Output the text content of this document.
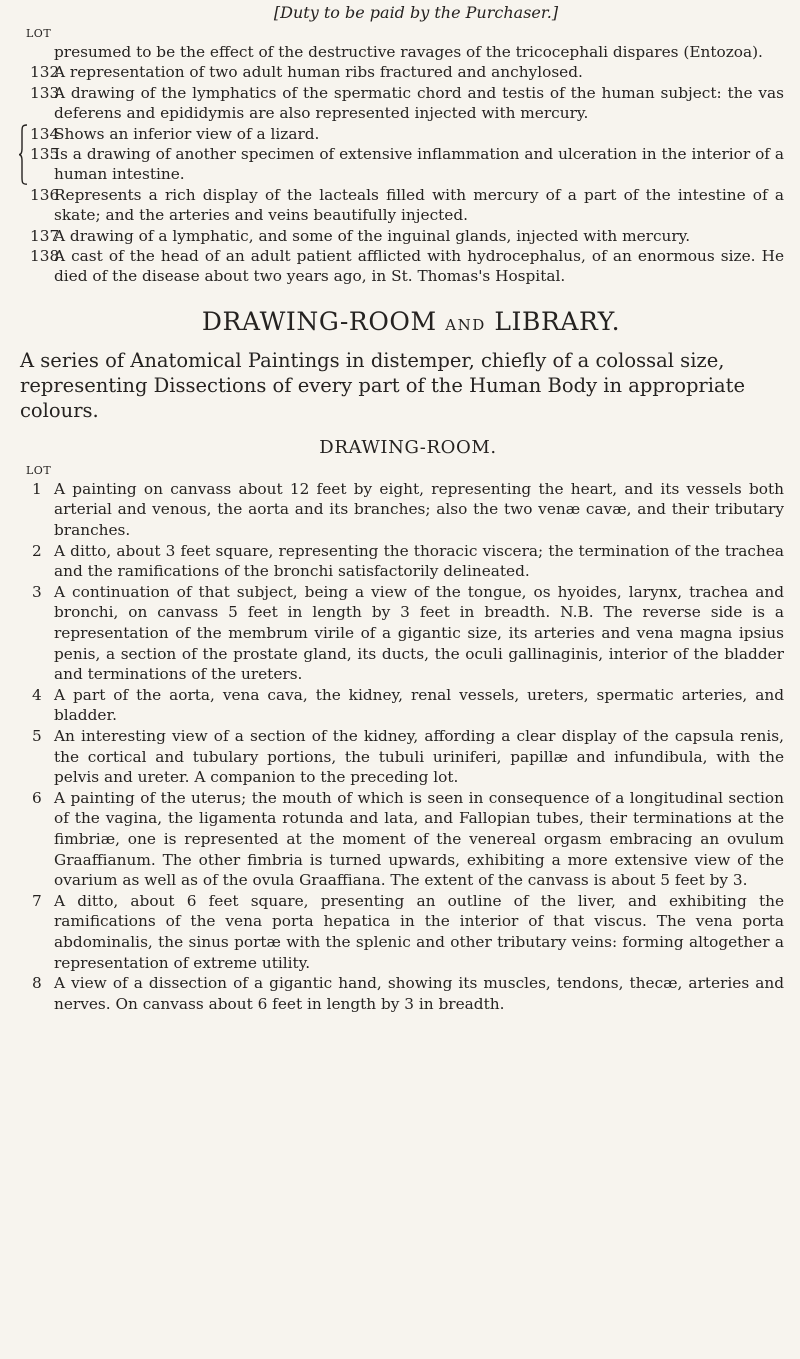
[Duty to be paid by the Purchaser.]
LOT
presumed to be the effect of the destructive ravages of the tricocephali dispares (Entozoa).
132
A representation of two adult human ribs fractured and anchylosed.
133
A drawing of the lymphatics of the spermatic chord and testis of the human subject: the vas deferens and epididymis are also represented injected with mercury.
134
Shows an inferior view of a lizard.
135
Is a drawing of another specimen of extensive inflammation and ulceration in the interior of a human intestine.
136
Represents a rich display of the lacteals filled with mercury of a part of the intestine of a skate; and the arteries and veins beautifully injected.
137
A drawing of a lymphatic, and some of the inguinal glands, injected with mercury.
138
A cast of the head of an adult patient afflicted with hydrocephalus, of an enormous size. He died of the disease about two years ago, in St. Thomas's Hospital.
DRAWING-ROOM AND LIBRARY.
A series of Anatomical Paintings in distemper, chiefly of a colossal size, representing Dissections of every part of the Human Body in appropriate colours.
DRAWING-ROOM.
LOT
1 A painting on canvass about 12 feet by eight, representing the heart, and its vessels both arterial and venous, the aorta and its branches; also the two venæ cavæ, and their tributary branches.
2 A ditto, about 3 feet square, representing the thoracic viscera; the termination of the trachea and the ramifications of the bronchi satisfactorily delineated.
3 A continuation of that subject, being a view of the tongue, os hyoides, larynx, trachea and bronchi, on canvass 5 feet in length by 3 feet in breadth. N.B. The reverse side is a representation of the membrum virile of a gigantic size, its arteries and vena magna ipsius penis, a section of the prostate gland, its ducts, the oculi gallinaginis, interior of the bladder and terminations of the ureters.
4 A part of the aorta, vena cava, the kidney, renal vessels, ureters, spermatic arteries, and bladder.
5 An interesting view of a section of the kidney, affording a clear display of the capsula renis, the cortical and tubulary portions, the tubuli uriniferi, papillæ and infundibula, with the pelvis and ureter. A companion to the preceding lot.
6 A painting of the uterus; the mouth of which is seen in consequence of a longitudinal section of the vagina, the ligamenta rotunda and lata, and Fallopian tubes, their terminations at the fimbriæ, one is represented at the moment of the venereal orgasm embracing an ovulum Graaffianum. The other fimbria is turned upwards, exhibiting a more extensive view of the ovarium as well as of the ovula Graaffiana. The extent of the canvass is about 5 feet by 3.
7 A ditto, about 6 feet square, presenting an outline of the liver, and exhibiting the ramifications of the vena porta hepatica in the interior of that viscus. The vena porta abdominalis, the sinus portæ with the splenic and other tributary veins: forming altogether a representation of extreme utility.
8 A view of a dissection of a gigantic hand, showing its muscles, tendons, thecæ, arteries and nerves. On canvass about 6 feet in length by 3 in breadth.
